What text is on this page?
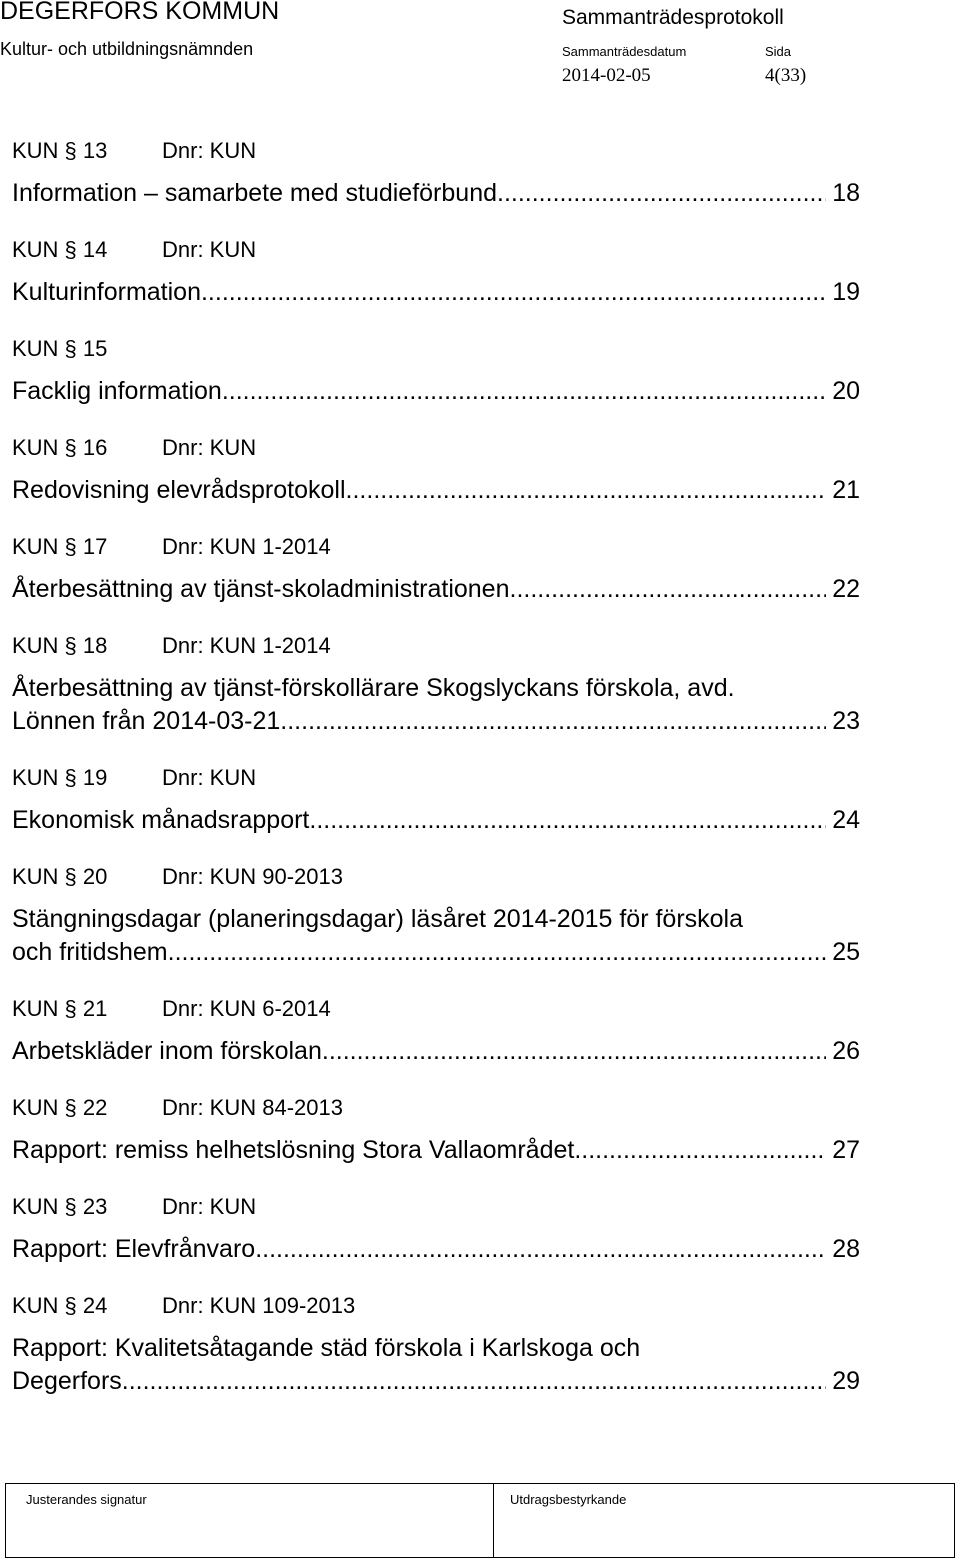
DEGERFORS KOMMUN
Kultur- och utbildningsnämnden
Sammanträdesprotokoll
Sammanträdesdatum	Sida
2014-02-05	4(33)
KUN § 13 Dnr: KUN
Information – samarbete med studieförbund .....	18
KUN § 14 Dnr: KUN
Kulturinformation .....	19
KUN § 15
Facklig information .....	20
KUN § 16 Dnr: KUN
Redovisning elevrådsprotokoll .....	21
KUN § 17 Dnr: KUN 1-2014
Återbesättning av tjänst-skoladministrationen .....	22
KUN § 18 Dnr: KUN 1-2014
Återbesättning av tjänst-förskollärare Skogslyckans förskola, avd.
Lönnen från 2014-03-21 .....	23
KUN § 19 Dnr: KUN
Ekonomisk månadsrapport .....	24
KUN § 20 Dnr: KUN 90-2013
Stängningsdagar (planeringsdagar) läsåret 2014-2015 för förskola
och fritidshem .....	25
KUN § 21 Dnr: KUN 6-2014
Arbetskläder inom förskolan .....	26
KUN § 22 Dnr: KUN 84-2013
Rapport: remiss helhetslösning Stora Vallaområdet .....	27
KUN § 23 Dnr: KUN
Rapport: Elevfrånvaro .....	28
KUN § 24 Dnr: KUN 109-2013
Rapport: Kvalitetsåtagande städ förskola i Karlskoga och
Degerfors .....	29
Justerandes signatur	Utdragsbestyrkande
